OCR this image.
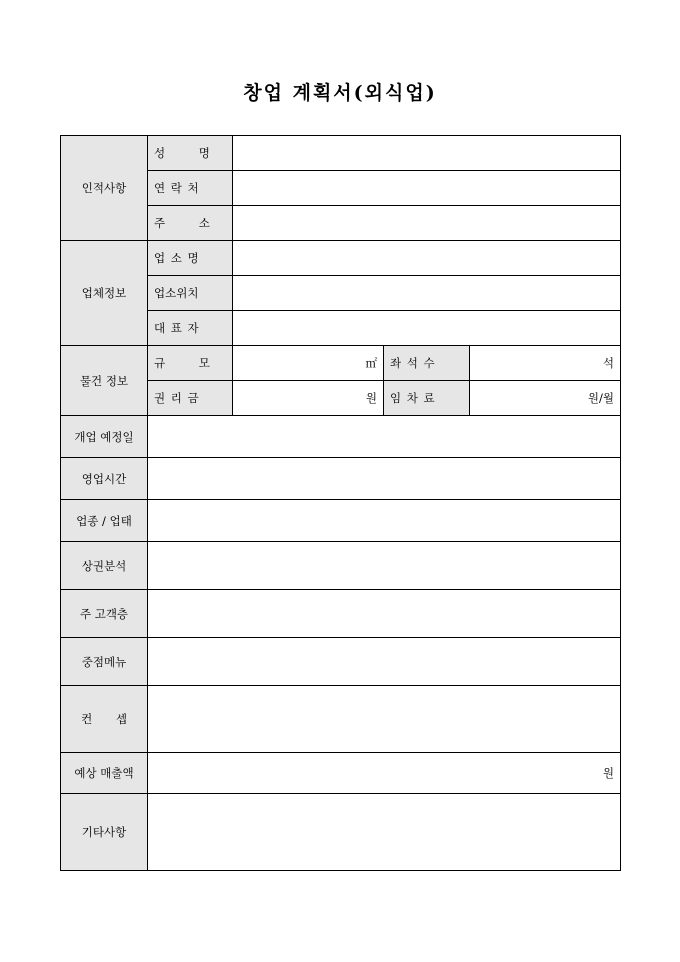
창업 계획서(외식업)
인적사항	성 명			
	연 락 처			
	주 소			
업체정보	업 소 명			
	업소위치			
	대 표 자			
물건 정보	규 모	㎡	좌 석 수	석
	권 리 금	원	임 차 료	원/월
개업 예정일				
영업시간				
업종 / 업태				
상권분석				
주 고객층				
중점메뉴				
컨 셉				
예상 매출액	원			
기타사항				
